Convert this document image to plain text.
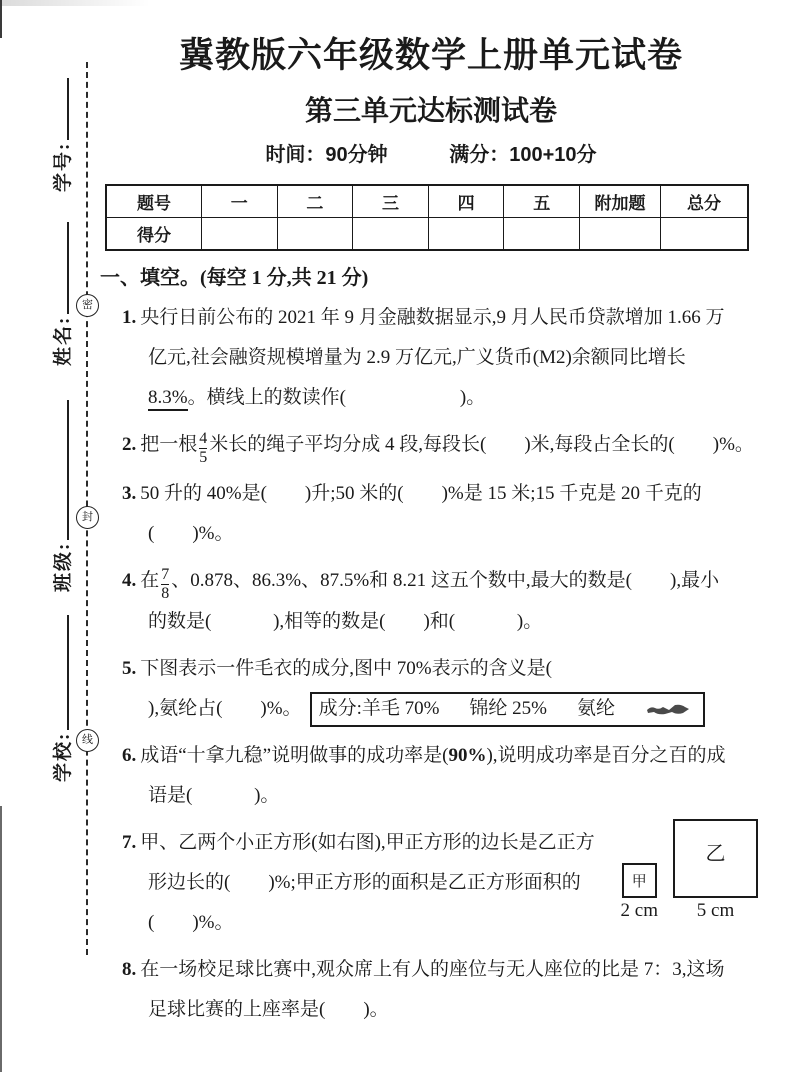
学号:
姓名:
班级:
学校:
密
封
线
冀教版六年级数学上册单元试卷
第三单元达标测试卷
时间：90分钟	满分：100+10分
题号	一	二	三	四	五	附加题	总分
得分							
一、填空。(每空 1 分,共 21 分)
1. 央行日前公布的 2021 年 9 月金融数据显示,9 月人民币贷款增加 1.66 万
亿元,社会融资规模增量为 2.9 万亿元,广义货币(M2)余额同比增长
8.3%。横线上的数读作(                        )。
2. 把一根 $\frac{4}{5}$ 米长的绳子平均分成 4 段,每段长(        )米,每段占全长的(        )%。
3. 50 升的 40%是(        )升;50 米的(        )%是 15 米;15 千克是 20 千克的
(        )%。
4. 在 $\frac{7}{8}$ 、0.878、86.3%、87.5%和 8.21 这五个数中,最大的数是(        ),最小
的数是(             ),相等的数是(        )和(             )。
5. 下图表示一件毛衣的成分,图中 70%表示的含义是(
),氨纶占(        )%。 成分:羊毛 70% 锦纶 25% 氨纶
6. 成语“十拿九稳”说明做事的成功率是(90%),说明成功率是百分之百的成
语是(             )。
甲
2 cm
乙
5 cm
7. 甲、乙两个小正方形(如右图),甲正方形的边长是乙正方
形边长的(        )%;甲正方形的面积是乙正方形面积的
(        )%。
8. 在一场校足球比赛中,观众席上有人的座位与无人座位的比是 7：3,这场
足球比赛的上座率是(        )。
